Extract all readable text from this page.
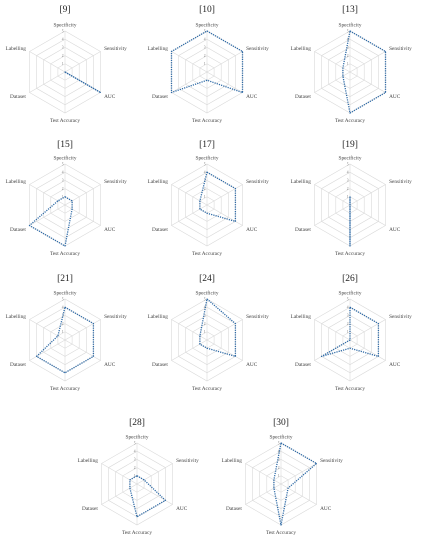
[9]
1
2
3
4
5
Specificity
Sensitivity
AUC
Test Accuracy
Dataset
Labelling
[10]
1
2
3
4
5
Specificity
Sensitivity
AUC
Test Accuracy
Dataset
Labelling
[13]
1
2
3
4
5
Specificity
Sensitivity
AUC
Test Accuracy
Dataset
Labelling
[15]
1
2
3
4
5
Specificity
Sensitivity
AUC
Test Accuracy
Dataset
Labelling
[17]
1
2
3
4
5
Specificity
Sensitivity
AUC
Test Accuracy
Dataset
Labelling
[19]
1
2
3
4
5
Specificity
Sensitivity
AUC
Test Accuracy
Dataset
Labelling
[21]
1
2
3
4
5
Specificity
Sensitivity
AUC
Test Accuracy
Dataset
Labelling
[24]
1
2
3
4
5
Specificity
Sensitivity
AUC
Test Accuracy
Dataset
Labelling
[26]
1
2
3
4
5
Specificity
Sensitivity
AUC
Test Accuracy
Dataset
Labelling
[28]
1
2
3
4
5
Specificity
Sensitivity
AUC
Test Accuracy
Dataset
Labelling
[30]
1
2
3
4
5
Specificity
Sensitivity
AUC
Test Accuracy
Dataset
Labelling
